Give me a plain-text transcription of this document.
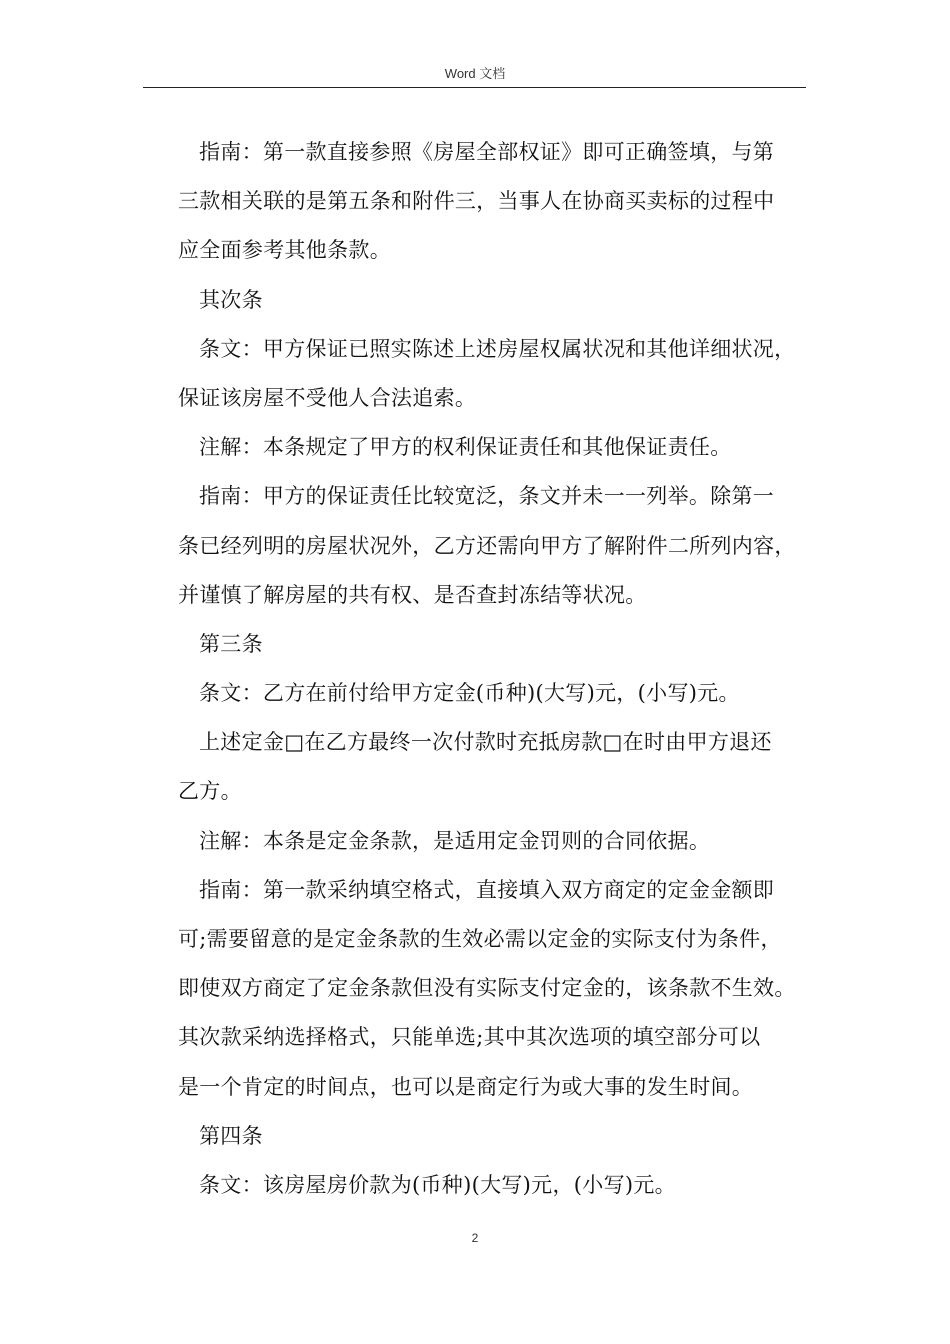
Word 文档
指南：第一款直接参照《房屋全部权证》即可正确签填，与第
三款相关联的是第五条和附件三，当事人在协商买卖标的过程中
应全面参考其他条款。
其次条
条文：甲方保证已照实陈述上述房屋权属状况和其他详细状况，
保证该房屋不受他人合法追索。
注解：本条规定了甲方的权利保证责任和其他保证责任。
指南：甲方的保证责任比较宽泛，条文并未一一列举。除第一
条已经列明的房屋状况外，乙方还需向甲方了解附件二所列内容，
并谨慎了解房屋的共有权、是否查封冻结等状况。
第三条
条文：乙方在前付给甲方定金(币种)(大写)元，(小写)元。
上述定金□在乙方最终一次付款时充抵房款□在时由甲方退还
乙方。
注解：本条是定金条款，是适用定金罚则的合同依据。
指南：第一款采纳填空格式，直接填入双方商定的定金金额即
可;需要留意的是定金条款的生效必需以定金的实际支付为条件，
即使双方商定了定金条款但没有实际支付定金的，该条款不生效。
其次款采纳选择格式，只能单选;其中其次选项的填空部分可以
是一个肯定的时间点，也可以是商定行为或大事的发生时间。
第四条
条文：该房屋房价款为(币种)(大写)元，(小写)元。
2
